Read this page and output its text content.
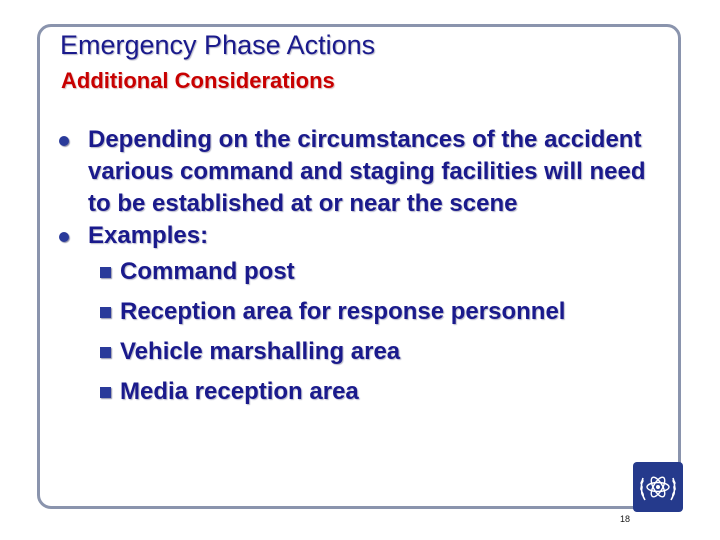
Emergency Phase Actions
Additional Considerations
Depending on the circumstances of the accident various command and staging facilities will need to be established at or near the scene
Examples:
Command post
Reception area for response personnel
Vehicle marshalling area
Media reception area
18
